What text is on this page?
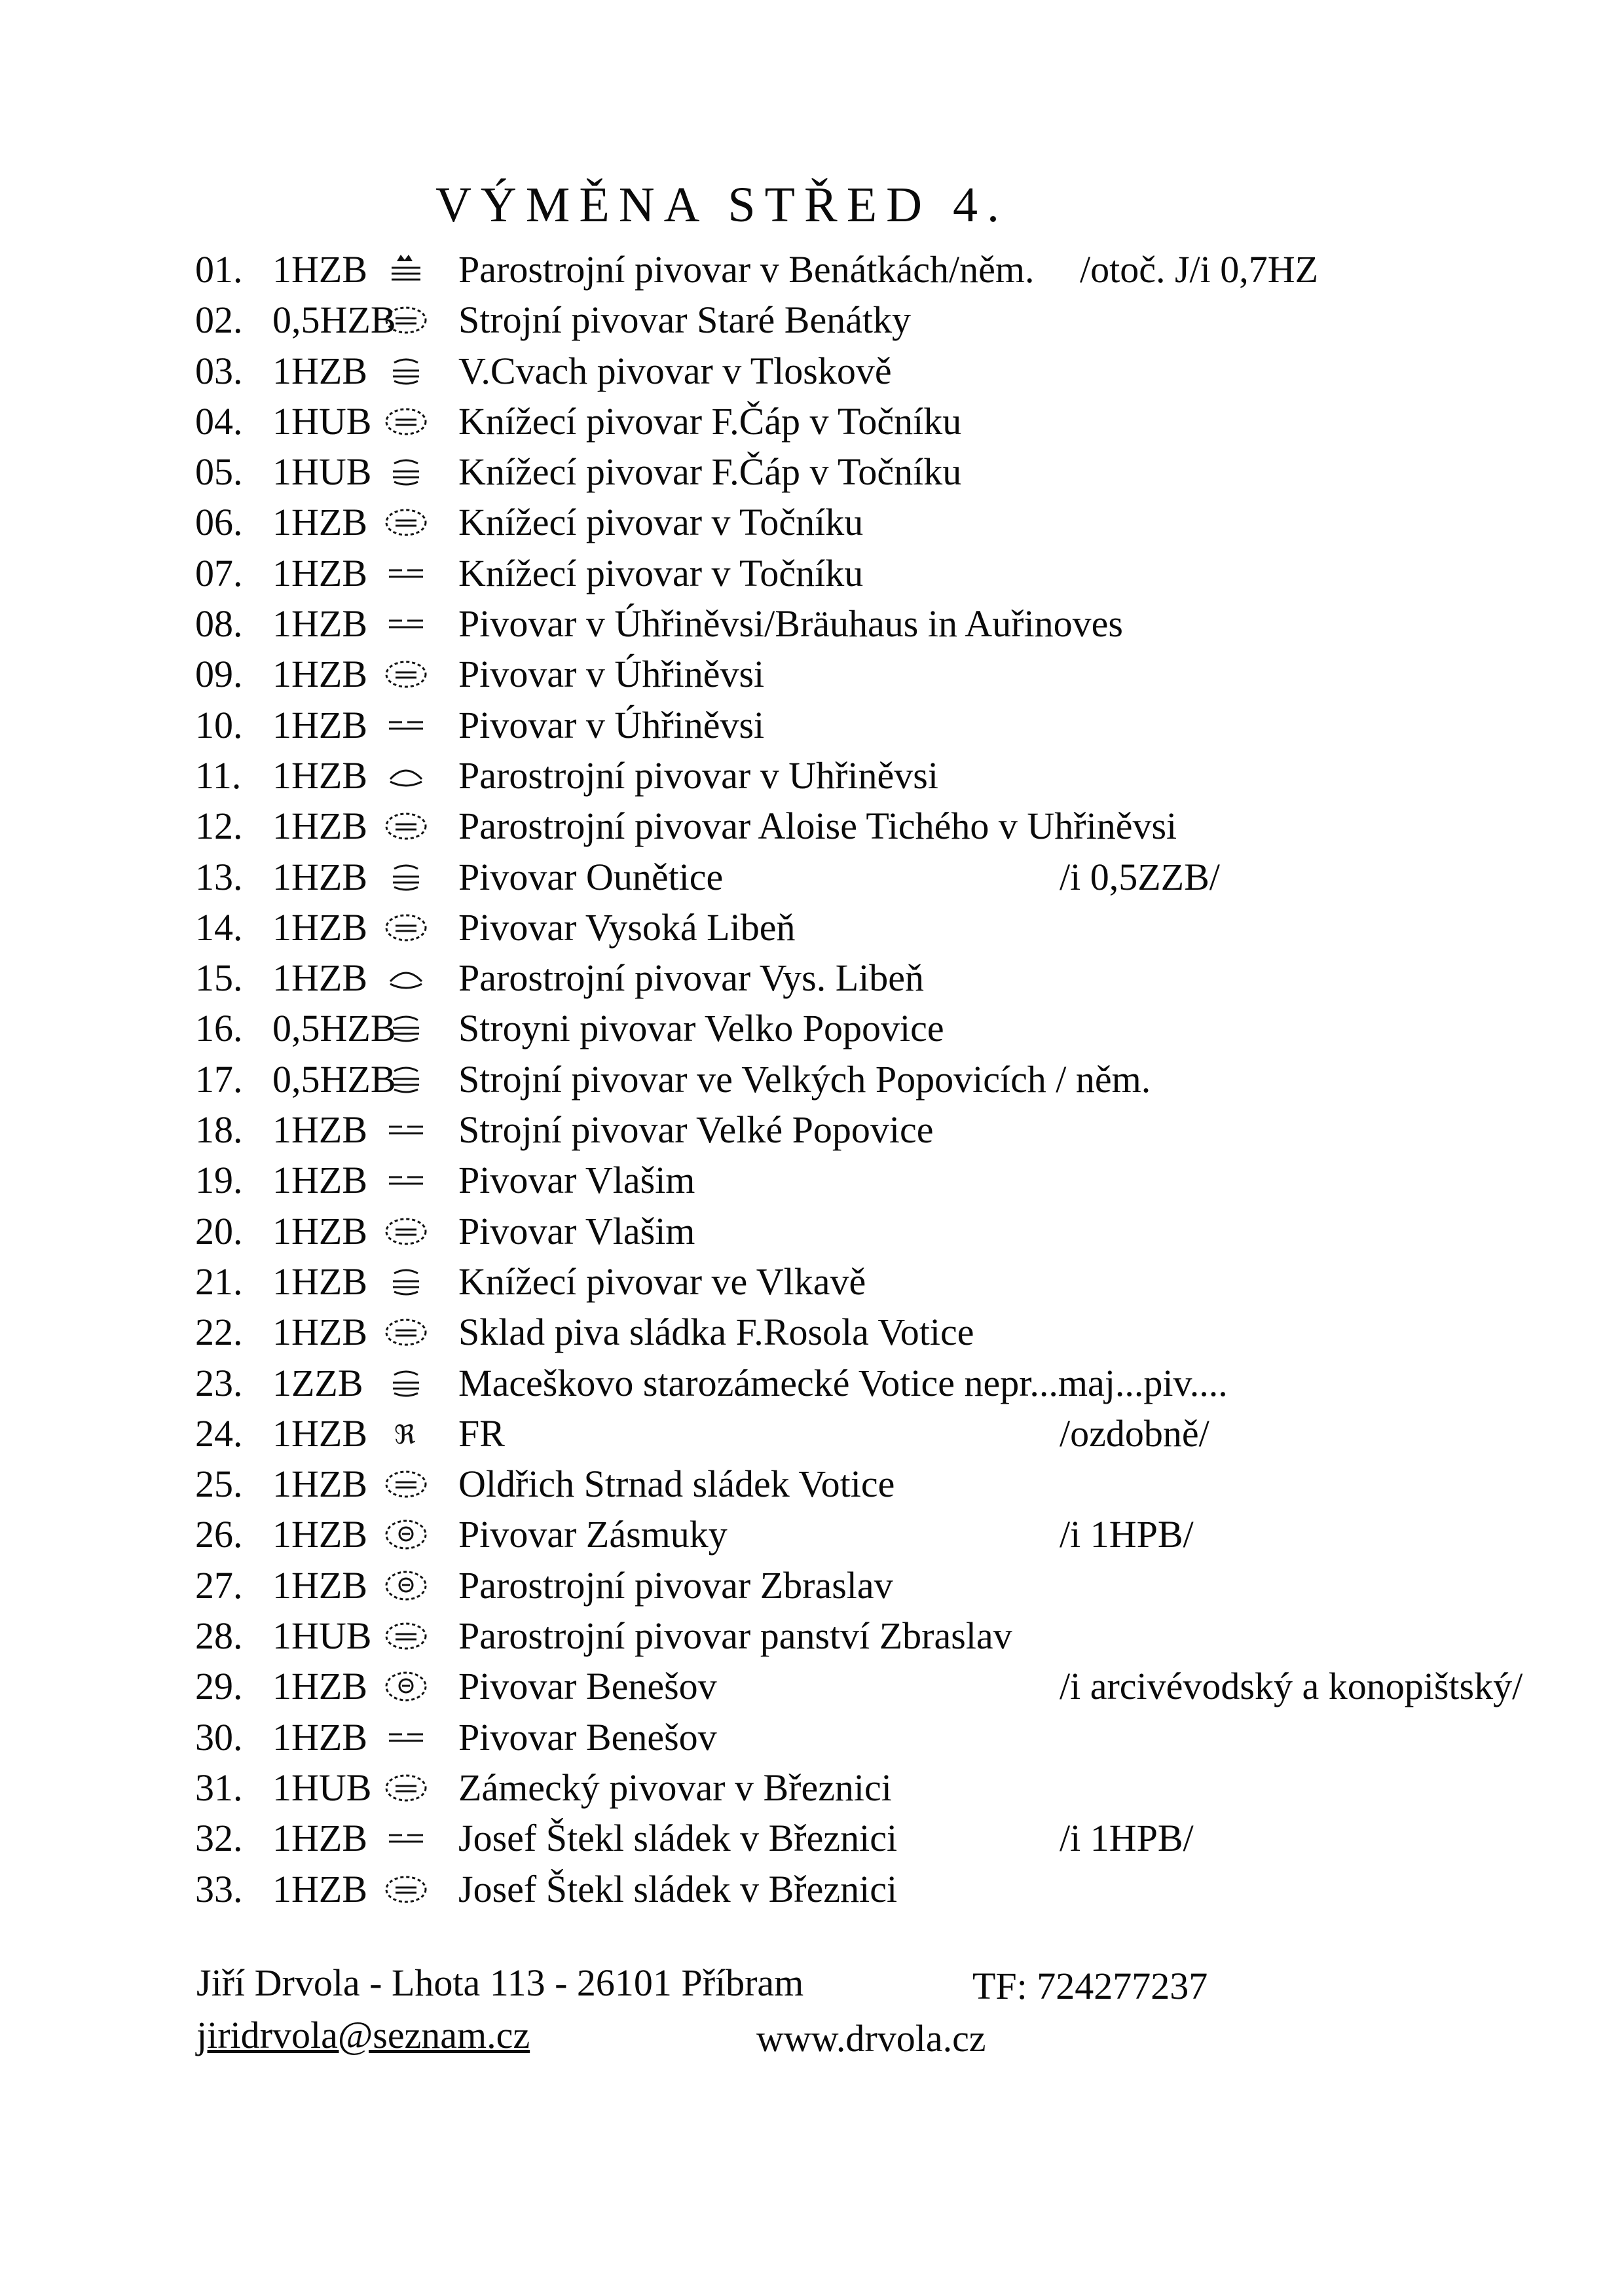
VÝMĚNA STŘED 4.
01. 1HZB Parostrojní pivovar v Benátkách/něm. /otoč. J/i 0,7HZ
02. 0,5HZB Strojní pivovar Staré Benátky
03. 1HZB V.Cvach pivovar v Tloskově
04. 1HUB Knížecí pivovar F.Čáp v Točníku
05. 1HUB Knížecí pivovar F.Čáp v Točníku
06. 1HZB Knížecí pivovar v Točníku
07. 1HZB Knížecí pivovar v Točníku
08. 1HZB Pivovar v Úhřiněvsi/Bräuhaus in Auřinoves
09. 1HZB Pivovar v Úhřiněvsi
10. 1HZB Pivovar v Úhřiněvsi
11. 1HZB Parostrojní pivovar v Uhřiněvsi
12. 1HZB Parostrojní pivovar Aloise Tichého v Uhřiněvsi
13. 1HZB Pivovar Ounětice	/i 0,5ZZB/
14. 1HZB Pivovar Vysoká Libeň
15. 1HZB Parostrojní pivovar Vys. Libeň
16. 0,5HZB Stroyni pivovar Velko Popovice
17. 0,5HZB Strojní pivovar ve Velkých Popovicích / něm.
18. 1HZB Strojní pivovar Velké Popovice
19. 1HZB Pivovar Vlašim
20. 1HZB Pivovar Vlašim
21. 1HZB Knížecí pivovar ve Vlkavě
22. 1HZB Sklad piva sládka F.Rosola Votice
23. 1ZZB	Maceškovo starozámecké Votice nepr...maj...piv....
24. 1HZB ℜ FR	/ozdobně/
25. 1HZB Oldřich Strnad sládek Votice
26. 1HZB Pivovar Zásmuky	/i 1HPB/
27. 1HZB Parostrojní pivovar Zbraslav
28. 1HUB Parostrojní pivovar panství Zbraslav
29. 1HZB Pivovar Benešov	/i arcivévodský a konopištský/
30. 1HZB Pivovar Benešov
31. 1HUB Zámecký pivovar v Březnici
32. 1HZB Josef Štekl sládek v Březnici	/i 1HPB/
33. 1HZB Josef Štekl sládek v Březnici
Jiří Drvola - Lhota 113 - 26101 Příbram	TF: 724277237
jiridrvola@seznam.cz	www.drvola.cz
